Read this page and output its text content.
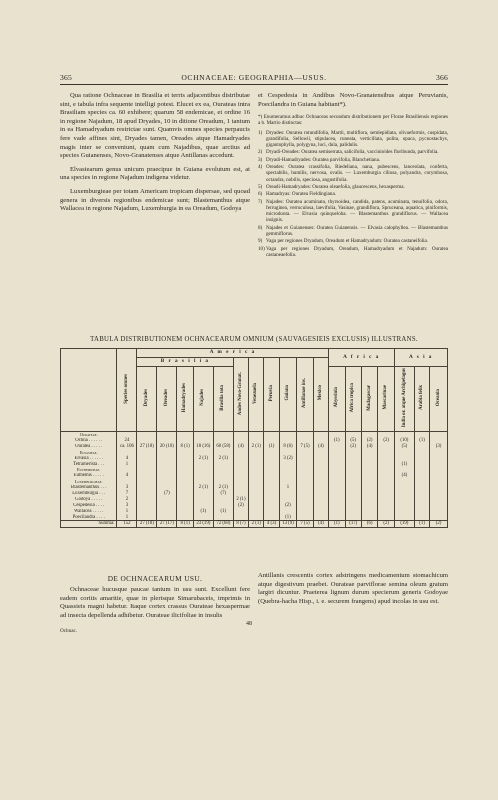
365	OCHNACEAE: GEOGRAPHIA—USUS.	366

Qua ratione Ochnaceae in Brasilia et terris adjacentibus distributae sint, e tabula infra sequente intelligi potest. Elucet ex ea, Ourateas intra Brasiliam species ca. 60 exhibere; quarum 58 endemicae, et ordine 16 in regione Najadum, 18 apud Dryades, 10 in ditione Oreadum, 1 tantum in ea Hamadryadum restrictae sunt. Quamvis omnes species perpaucis fere vade affines sint, Dryades tamen, Oreades atque Hamadryades magis inter se conveniunt, quam cum Najadibus, quae arctius ad species Guianenses, Novo-Granatenses atque Antillanas accedunt.

Elvasiearum genus unicum praecipue in Guiana evolutum est, at una species in regione Najadum indigena videtur.

Luxemburgieae per totam Americam tropicam dispersae, sed quoad genera in diversis regionibus endemicae sunt; Blastemanthus atque Wallacea in regione Najadum, Luxemburgia in ea Oreadum, Godoya

et Cespedesia in Andibus Novo-Granatensibus atque Peruvianis, Poecilandra in Guiana habitant*).

*) Enumeramus adhuc Ochnaceas secundum distributionem per Florae Brasiliensis regiones a b. Martio distinctas:
1) Dryades: Ouratea rotundifolia, Martii, multiflora, semlepidiata, olivaeformis, cuspidata, grandifolia, Sellowii, stipulacea, cuneata, verticillata, polita, opaca, pycnostachys, gigantophylla, polygyna, luci, dula, palidulis.
2) Dryadi-Oreades: Ouratea semiserrata, salicifolia, vaccinioides floribunda, parvifolia.
3) Dryadi-Hamadryades: Ouratea parvifolia, Blanchetiana.
4) Oreades: Ouratea crassifolia, Riedeliana, nana, pubescens, lanceolata, conferta, spectabilis, humilis, nervosa, ovalis. — Luxemburgia ciliosa, polyandra, corymbosa, octandra, nobilis, speciosa, angustifolia.
5) Oreadi-Hamadryades: Ouratea oleaefolia, glaucescens, hexasperma.
6) Hamadryas: Ouratea Fieldingiana.
7) Najades: Ouratea acuminata, thyrsoidea, candida, patens, acuminata, tenuifolia, odora, ferruginea, verruculosa, laevifolia, Vasinae, grandiflora, Spruceana, aquatica, piniformis, microdonta. — Elvasia quinqueloba. — Blastemanthus grandiflorus. — Wallacea insignis.
8) Najades et Guianenses: Ouratea Guianensis. — Elvasia calophyllea. — Blastemanthus gemmiflorus.
9) Vaga per regiones Dryadum, Oreadum et Hamadryadum: Ouratea castaneifolia.
10)Vaga per regiones Dryadum, Oreadum, Hamadryadum et Najadum: Ouratea castaneaefolia.
TABULA DISTRIBUTIONEM OCHNACEARUM OMNIUM (SAUVAGESIEIS EXCLUSIS) ILLUSTRANS.
	Species omnes	A m e r i c a											A f r i c a				A s i a		
		B r a s i l i a					Andes Novo-Granat.	Venezuela	Peruvia	Guiana	Antillanae ins.	Mexico							
		Dryades	Oreades	Hamadryades	Najades	Brasilia tota							Abyssinia	Africa tropica	Madagascar	Mascarinae	India or. atque Archipelagus	Arabia felix	Oceania
Ourateae.																			
Ochna . . . . . .	24												(1)	(5)	(2)	(2)	(10)	(1)	
Ouratea . . . . .	ca. 106	27 (18)	20 (10)	8 (1)	18 (16)	60 (58)	(4)	2 (1)	(1)	8 (6)	7 (5)	(4)		(2)	(4)		(5)		(3)
Elvasieae.																			
Elvasia . . . . . .	4				2 (1)	2 (1)				3 (2)									
Tetramerista . . .	1																(1)		
Euthemideae.																			
Euthemis . . . . .	4																(4)		
Luxemburgieae.																			
Blastemanthus . . .	3				2 (1)	2 (1)				1									
Luxemburgia . . .	7		(7)			(7)													
Godoya . . . . .	2						2 (1)												
Cespedesia . . . .	3						(2)			(2)									
Wallacea . . . . .	1				(1)	(1)													
Poecilandra . . . .	1									(1)									
Summa:	152	27 (18)	27 (17)	8 (1)	23 (19)	72 (68)	8 (7)	2 (1)	4 (3)	13 (9)	7 (5)	(4)	(1)	(17)	(6)	(2)	(19)	(1)	(2)
DE OCHNACEARUM USU.

Ochnaceae hucusque paucae tantum in usu sunt. Excellunt fere eadem coritis amaritie, quae in plerisque Simarubaceis, imprimis in Quassieis magni habetur. Itaque cortex crassus Ourateae hexaspermae ad insecta depellenda adhibetur. Ourateae ilicifoliae in insulis

Antillanis crescentis cortex adstringens medicamentum stomachicum atque digestivum praebet. Ourateae parviflorae semina oleum gratum largiri dicuntur. Praeterea lignum durum specierum generis Godoyae (Quebra-hacha Hisp., i. e. securem frangens) apud incolas in usu est.

48
Ochnac.
